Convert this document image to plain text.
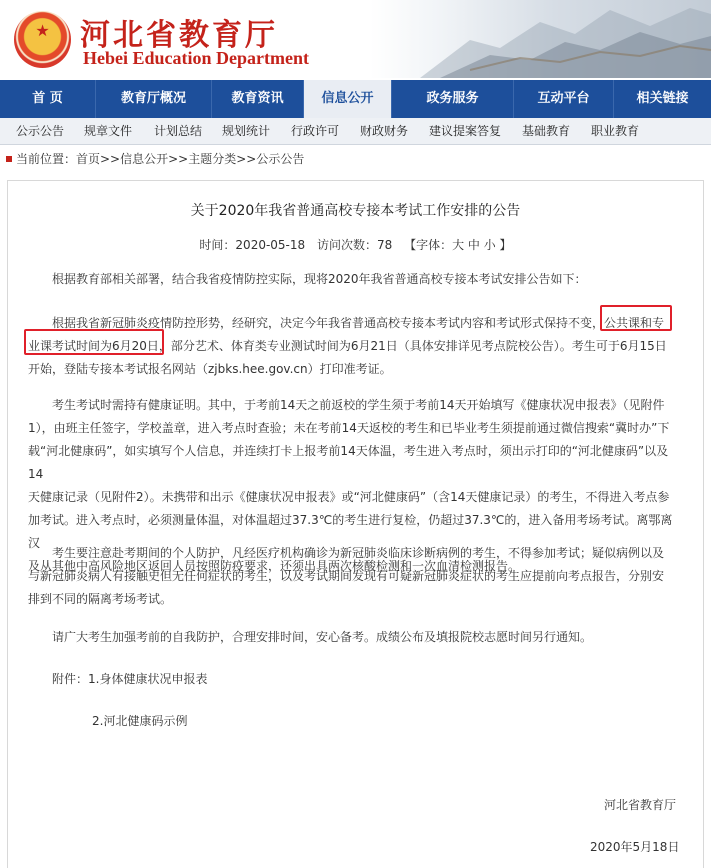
★	河北省教育厅
Hebei Education Department
首 页	教育厅概况	教育资讯	信息公开	政务服务	互动平台	相关链接
公示公告 规章文件 计划总结 规划统计 行政许可 财政财务 建议提案答复 基础教育 职业教育
当前位置：首页>>信息公开>>主题分类>>公示公告
关于2020年我省普通高校专接本考试工作安排的公告
时间：2020-05-18 访问次数：78 【字体：大 中 小 】
根据教育部相关部署，结合我省疫情防控实际，现将2020年我省普通高校专接本考试安排公告如下：
根据我省新冠肺炎疫情防控形势，经研究，决定今年我省普通高校专接本考试内容和考试形式保持不变，公共课和专
业课考试时间为6月20日，部分艺术、体育类专业测试时间为6月21日（具体安排详见考点院校公告）。考生可于6月15日
开始，登陆专接本考试报名网站（zjbks.hee.gov.cn）打印准考证。
考生考试时需持有健康证明。其中，于考前14天之前返校的学生须于考前14天开始填写《健康状况申报表》（见附件
1），由班主任签字，学校盖章，进入考点时查验；未在考前14天返校的考生和已毕业考生须提前通过微信搜索“冀时办”下
载“河北健康码”，如实填写个人信息，并连续打卡上报考前14天体温，考生进入考点时，须出示打印的“河北健康码”以及14
天健康记录（见附件2）。未携带和出示《健康状况申报表》或“河北健康码”（含14天健康记录）的考生，不得进入考点参
加考试。进入考点时，必须测量体温，对体温超过37.3℃的考生进行复检，仍超过37.3℃的，进入备用考场考试。离鄂离汉
及从其他中高风险地区返回人员按照防疫要求，还须出具两次核酸检测和一次血清检测报告。
考生要注意赴考期间的个人防护，凡经医疗机构确诊为新冠肺炎临床诊断病例的考生，不得参加考试；疑似病例以及
与新冠肺炎病人有接触史但无任何症状的考生，以及考试期间发现有可疑新冠肺炎症状的考生应提前向考点报告，分别安
排到不同的隔离考场考试。
请广大考生加强考前的自我防护，合理安排时间，安心备考。成绩公布及填报院校志愿时间另行通知。
附件：1.身体健康状况申报表
2.河北健康码示例
河北省教育厅
2020年5月18日
